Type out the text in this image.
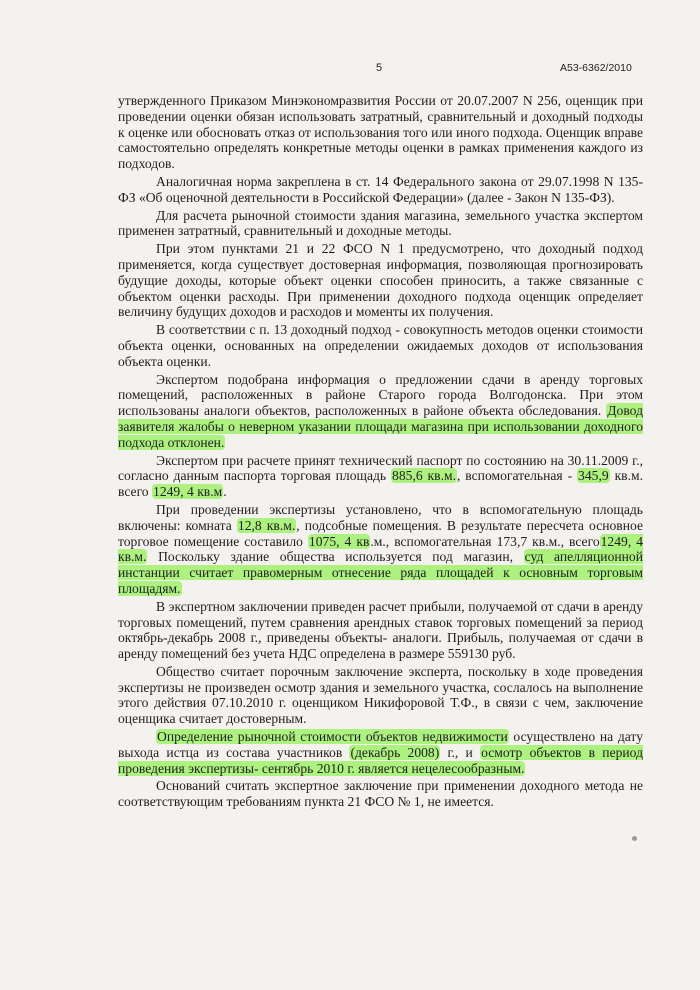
5	А53-6362/2010

утвержденного Приказом Минэкономразвития России от 20.07.2007 N 256, оценщик при проведении оценки обязан использовать затратный, сравнительный и доходный подходы к оценке или обосновать отказ от использования того или иного подхода. Оценщик вправе самостоятельно определять конкретные методы оценки в рамках применения каждого из подходов.

Аналогичная норма закреплена в ст. 14 Федерального закона от 29.07.1998 N 135-ФЗ «Об оценочной деятельности в Российской Федерации» (далее - Закон N 135-ФЗ).

Для расчета рыночной стоимости здания магазина, земельного участка экспертом применен затратный, сравнительный и доходные методы.

При этом пунктами 21 и 22 ФСО N 1 предусмотрено, что доходный подход применяется, когда существует достоверная информация, позволяющая прогнозировать будущие доходы, которые объект оценки способен приносить, а также связанные с объектом оценки расходы. При применении доходного подхода оценщик определяет величину будущих доходов и расходов и моменты их получения.

В соответствии с п. 13 доходный подход - совокупность методов оценки стоимости объекта оценки, основанных на определении ожидаемых доходов от использования объекта оценки.

Экспертом подобрана информация о предложении сдачи в аренду торговых помещений, расположенных в районе Старого города Волгодонска. При этом использованы аналоги объектов, расположенных в районе объекта обследования. Довод заявителя жалобы о неверном указании площади магазина при использовании доходного подхода отклонен.

Экспертом при расчете принят технический паспорт по состоянию на 30.11.2009 г., согласно данным паспорта торговая площадь 885,6 кв.м., вспомогательная - 345,9 кв.м. всего 1249, 4 кв.м.

При проведении экспертизы установлено, что в вспомогательную площадь включены: комната 12,8 кв.м., подсобные помещения. В результате пересчета основное торговое помещение составило 1075, 4 кв.м., вспомогательная 173,7 кв.м., всего1249, 4 кв.м. Поскольку здание общества используется под магазин, суд апелляционной инстанции считает правомерным отнесение ряда площадей к основным торговым площадям.

В экспертном заключении приведен расчет прибыли, получаемой от сдачи в аренду торговых помещений, путем сравнения арендных ставок торговых помещений за период октябрь-декабрь 2008 г., приведены объекты- аналоги. Прибыль, получаемая от сдачи в аренду помещений без учета НДС определена в размере 559130 руб.

Общество считает порочным заключение эксперта, поскольку в ходе проведения экспертизы не произведен осмотр здания и земельного участка, сослалось на выполнение этого действия 07.10.2010 г. оценщиком Никифоровой Т.Ф., в связи с чем, заключение оценщика считает достоверным.

Определение рыночной стоимости объектов недвижимости осуществлено на дату выхода истца из состава участников (декабрь 2008) г., и осмотр объектов в период проведения экспертизы- сентябрь 2010 г. является нецелесообразным.

Оснований считать экспертное заключение при применении доходного метода не соответствующим требованиям пункта 21 ФСО № 1, не имеется.
